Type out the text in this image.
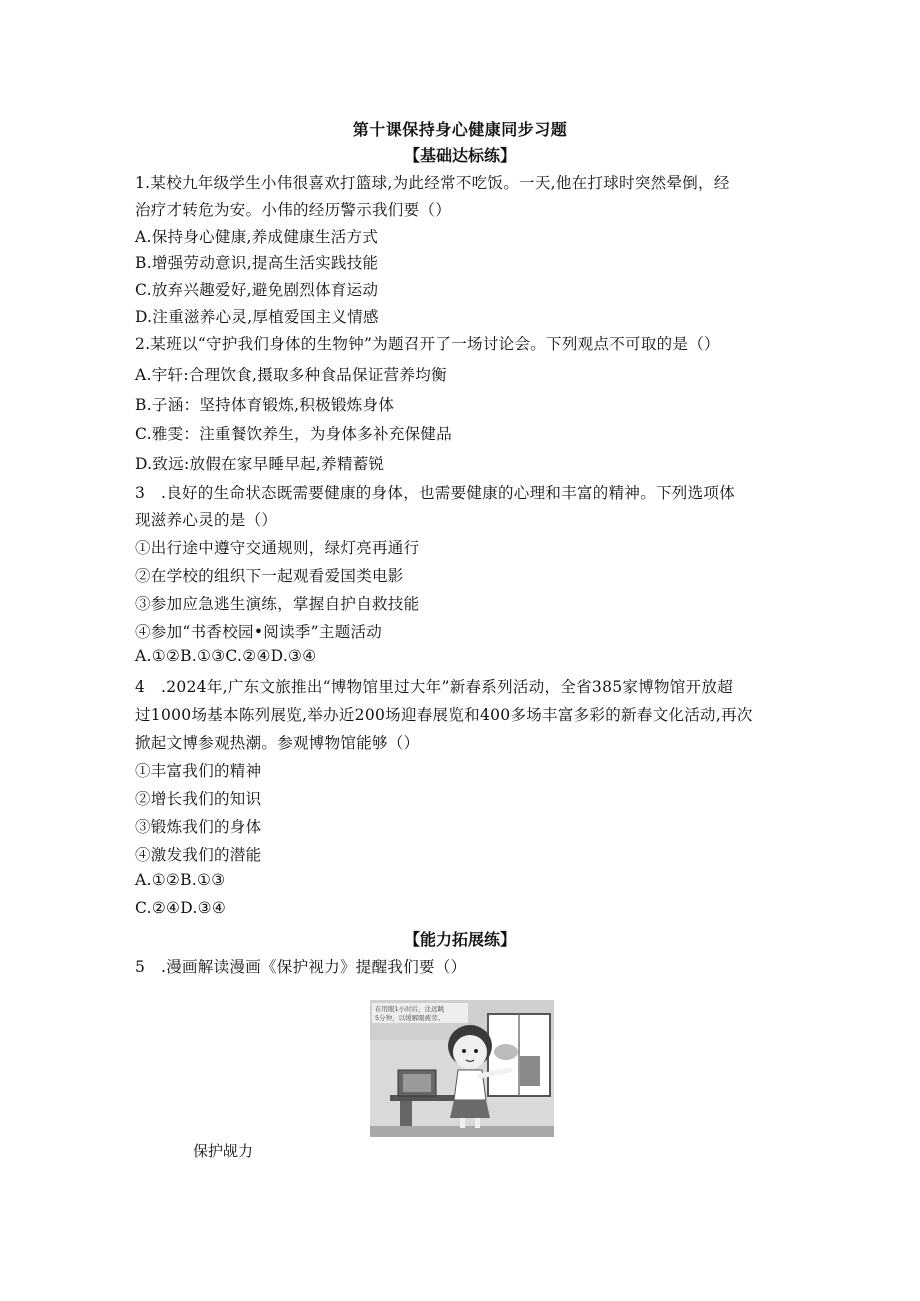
第十课保持身心健康同步习题
【基础达标练】
1.某校九年级学生小伟很喜欢打篮球,为此经常不吃饭。一天,他在打球时突然晕倒，经
治疗才转危为安。小伟的经历警示我们要（）
A.保持身心健康,养成健康生活方式
B.增强劳动意识,提高生活实践技能
C.放弃兴趣爱好,避免剧烈体育运动
D.注重滋养心灵,厚植爱国主义情感
2.某班以“守护我们身体的生物钟”为题召开了一场讨论会。下列观点不可取的是（）
A.宇轩:合理饮食,摄取多种食品保证营养均衡
B.子涵：坚持体育锻炼,积极锻炼身体
C.雅雯：注重餐饮养生，为身体多补充保健品
D.致远:放假在家早睡早起,养精蓄锐
3　.良好的生命状态既需要健康的身体，也需要健康的心理和丰富的精神。下列选项体
现滋养心灵的是（）
①出行途中遵守交通规则，绿灯亮再通行
②在学校的组织下一起观看爱国类电影
③参加应急逃生演练，掌握自护自救技能
④参加“书香校园•阅读季”主题活动
A.①②B.①③C.②④D.③④
4　.2024年,广东文旅推出“博物馆里过大年”新春系列活动，全省385家博物馆开放超
过1000场基本陈列展览,举办近200场迎春展览和400多场丰富多彩的新春文化活动,再次
掀起文博参观热潮。参观博物馆能够（）
①丰富我们的精神
②增长我们的知识
③锻炼我们的身体
④激发我们的潜能
A.①②B.①③
C.②④D.③④
【能力拓展练】
5　.漫画解读漫画《保护视力》提醒我们要（）
在用眼1小时后，注远眺
5分钟，以缓解眼疲劳。
保护觇力
